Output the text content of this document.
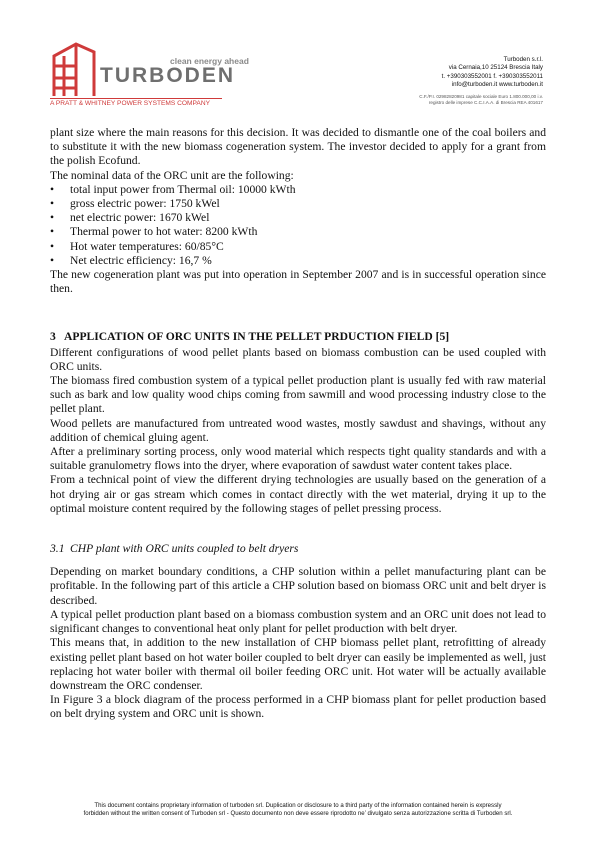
clean energy ahead
TURBODEN
A PRATT & WHITNEY POWER SYSTEMS COMPANY
Turboden s.r.l.
via Cernaia,10 25124 Brescia Italy
t. +390303552001 f. +390303552011
info@turboden.it www.turboden.it
C.F./P.I. 02982820981 capitale sociale Euro 1.800.000,00 i.v.
registro delle imprese C.C.I.A.A. di Brescia REA 401617

plant size where the main reasons for this decision. It was decided to dismantle one of the coal boilers and to substitute it with the new biomass cogeneration system. The investor decided to apply for a grant from the polish Ecofund.

The nominal data of the ORC unit are the following:

• total input power from Thermal oil: 10000 kWth
• gross electric power: 1750 kWel
• net electric power: 1670 kWel
• Thermal power to hot water: 8200 kWth
• Hot water temperatures: 60/85°C
• Net electric efficiency: 16,7 %

The new cogeneration plant was put into operation in September 2007 and is in successful operation since then.

3 APPLICATION OF ORC UNITS IN THE PELLET PRDUCTION FIELD [5]

Different configurations of wood pellet plants based on biomass combustion can be used coupled with ORC units.

The biomass fired combustion system of a typical pellet production plant is usually fed with raw material such as bark and low quality wood chips coming from sawmill and wood processing industry close to the pellet plant.

Wood pellets are manufactured from untreated wood wastes, mostly sawdust and shavings, without any addition of chemical gluing agent.

After a preliminary sorting process, only wood material which respects tight quality standards and with a suitable granulometry flows into the dryer, where evaporation of sawdust water content takes place.

From a technical point of view the different drying technologies are usually based on the generation of a hot drying air or gas stream which comes in contact directly with the wet material, drying it up to the optimal moisture content required by the following stages of pellet pressing process.

3.1 CHP plant with ORC units coupled to belt dryers

Depending on market boundary conditions, a CHP solution within a pellet manufacturing plant can be profitable. In the following part of this article a CHP solution based on biomass ORC unit and belt dryer is described.

A typical pellet production plant based on a biomass combustion system and an ORC unit does not lead to significant changes to conventional heat only plant for pellet production with belt dryer.

This means that, in addition to the new installation of CHP biomass pellet plant, retrofitting of already existing pellet plant based on hot water boiler coupled to belt dryer can easily be implemented as well, just replacing hot water boiler with thermal oil boiler feeding ORC unit. Hot water will be actually available downstream the ORC condenser.

In Figure 3 a block diagram of the process performed in a CHP biomass plant for pellet production based on belt drying system and ORC unit is shown.

This document contains proprietary information of turboden srl. Duplication or disclosure to a third party of the information contained herein is expressly
forbidden without the written consent of Turboden srl - Questo documento non deve essere riprodotto ne’ divulgato senza autorizzazione scritta di Turboden srl.
